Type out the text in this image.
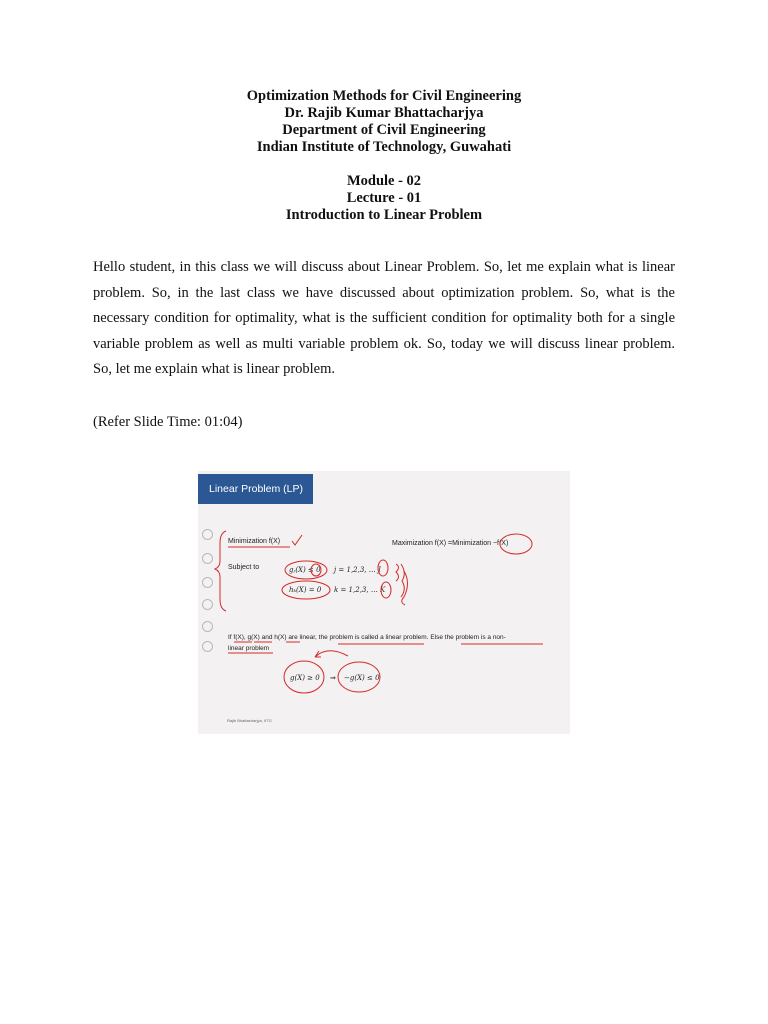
Optimization Methods for Civil Engineering
Dr. Rajib Kumar Bhattacharjya
Department of Civil Engineering
Indian Institute of Technology, Guwahati
Module - 02
Lecture - 01
Introduction to Linear Problem
Hello student, in this class we will discuss about Linear Problem. So, let me explain what is linear problem. So, in the last class we have discussed about optimization problem. So, what is the necessary condition for optimality, what is the sufficient condition for optimality both for a single variable problem as well as multi variable problem ok. So, today we will discuss linear problem. So, let me explain what is linear problem.
(Refer Slide Time: 01:04)
Linear Problem (LP)
Minimization f(X)	Maximization f(X) =Minimization −f(X)
Subject to	gⱼ(X) ≤ 0 j = 1,2,3, … J
hₖ(X) = 0 k = 1,2,3, … K
If f(X), g(X) and h(X) are linear, the problem is called a linear problem. Else the problem is a non-
linear problem
g(X) ≥ 0 ⇒ −g(X) ≤ 0
Rajib Bhattacharjya, IITG
